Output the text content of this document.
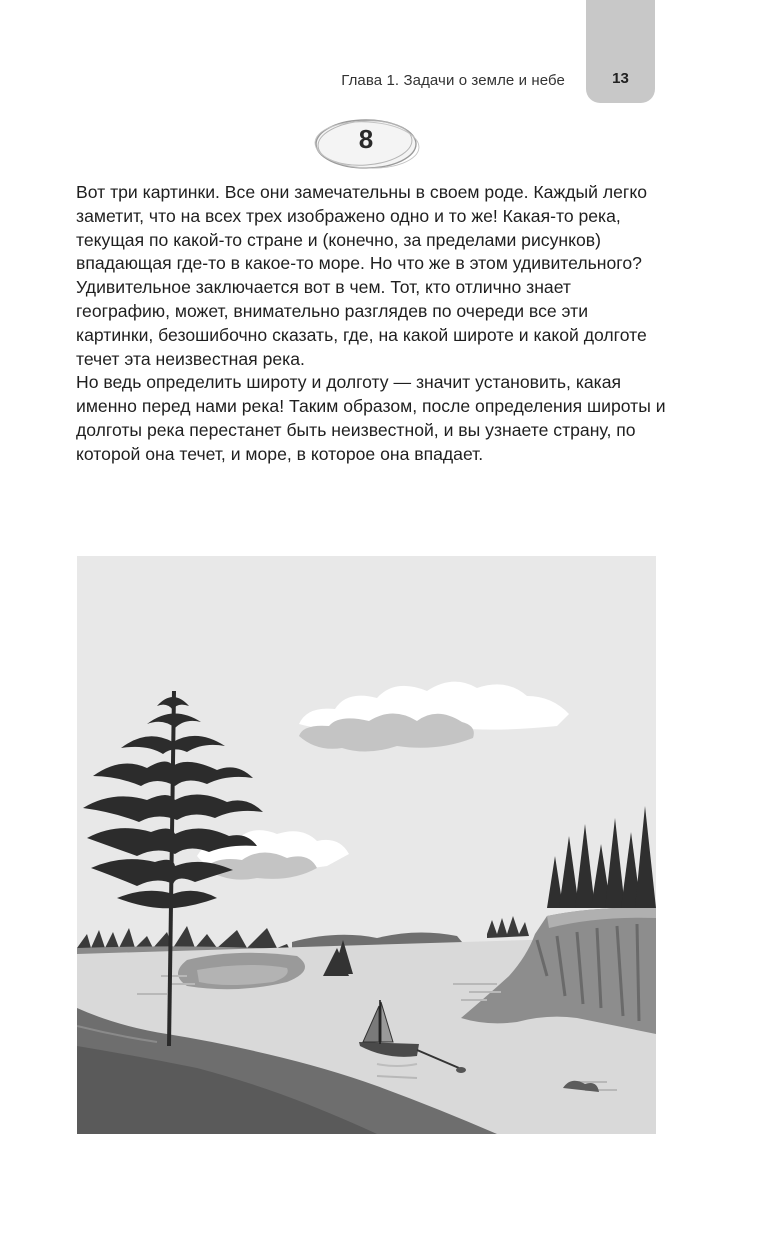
13
Глава 1. Задачи о земле и небе
8

Вот три картинки. Все они замечательны в своем роде. Каждый легко заметит, что на всех трех изображено одно и то же! Какая-то река, текущая по какой-то стране и (конечно, за пределами рисунков) впадающая где-то в какое-то море. Но что же в этом удивительного?

Удивительное заключается вот в чем. Тот, кто отлично знает географию, может, внимательно разглядев по очереди все эти картинки, безошибочно сказать, где, на какой широте и какой долготе течет эта неизвестная река.

Но ведь определить широту и долготу — значит установить, какая именно перед нами река! Таким образом, после определения широты и долготы река перестанет быть неизвестной, и вы узнаете страну, по которой она течет, и море, в которое она впадает.
